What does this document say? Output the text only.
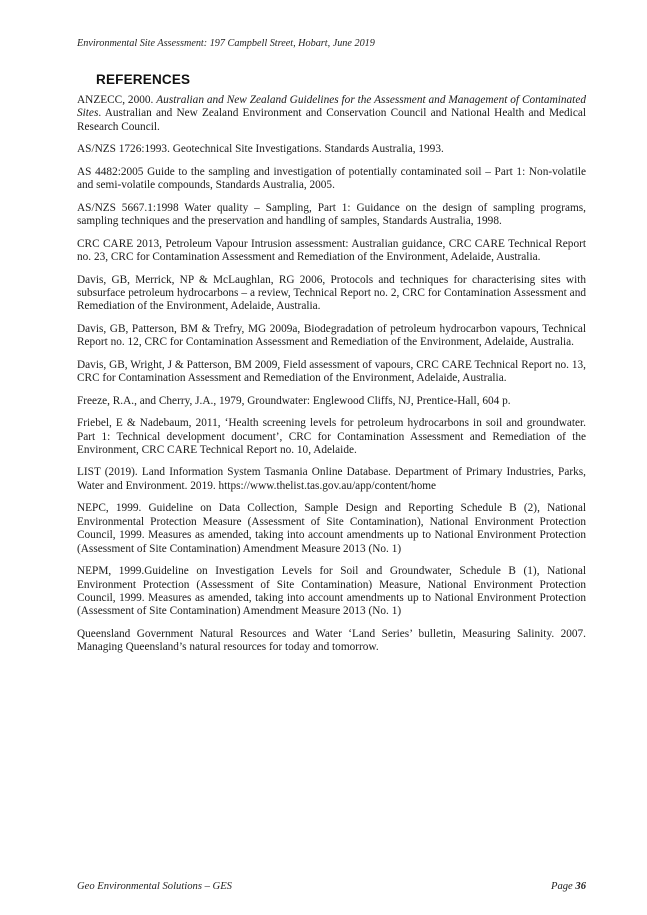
Environmental Site Assessment: 197 Campbell Street, Hobart, June 2019
REFERENCES

ANZECC, 2000. Australian and New Zealand Guidelines for the Assessment and Management of Contaminated Sites. Australian and New Zealand Environment and Conservation Council and National Health and Medical Research Council.

AS/NZS 1726:1993. Geotechnical Site Investigations. Standards Australia, 1993.

AS 4482:2005 Guide to the sampling and investigation of potentially contaminated soil – Part 1: Non-volatile and semi-volatile compounds, Standards Australia, 2005.

AS/NZS 5667.1:1998 Water quality – Sampling, Part 1: Guidance on the design of sampling programs, sampling techniques and the preservation and handling of samples, Standards Australia, 1998.

CRC CARE 2013, Petroleum Vapour Intrusion assessment: Australian guidance, CRC CARE Technical Report no. 23, CRC for Contamination Assessment and Remediation of the Environment, Adelaide, Australia.

Davis, GB, Merrick, NP & McLaughlan, RG 2006, Protocols and techniques for characterising sites with subsurface petroleum hydrocarbons – a review, Technical Report no. 2, CRC for Contamination Assessment and Remediation of the Environment, Adelaide, Australia.

Davis, GB, Patterson, BM & Trefry, MG 2009a, Biodegradation of petroleum hydrocarbon vapours, Technical Report no. 12, CRC for Contamination Assessment and Remediation of the Environment, Adelaide, Australia.

Davis, GB, Wright, J & Patterson, BM 2009, Field assessment of vapours, CRC CARE Technical Report no. 13, CRC for Contamination Assessment and Remediation of the Environment, Adelaide, Australia.

Freeze, R.A., and Cherry, J.A., 1979, Groundwater: Englewood Cliffs, NJ, Prentice-Hall, 604 p.

Friebel, E & Nadebaum, 2011, ‘Health screening levels for petroleum hydrocarbons in soil and groundwater. Part 1: Technical development document’, CRC for Contamination Assessment and Remediation of the Environment, CRC CARE Technical Report no. 10, Adelaide.

LIST (2019). Land Information System Tasmania Online Database. Department of Primary Industries, Parks, Water and Environment. 2019. https://www.thelist.tas.gov.au/app/content/home

NEPC, 1999. Guideline on Data Collection, Sample Design and Reporting Schedule B (2), National Environmental Protection Measure (Assessment of Site Contamination), National Environment Protection Council, 1999. Measures as amended, taking into account amendments up to National Environment Protection (Assessment of Site Contamination) Amendment Measure 2013 (No. 1)

NEPM, 1999.Guideline on Investigation Levels for Soil and Groundwater, Schedule B (1), National Environment Protection (Assessment of Site Contamination) Measure, National Environment Protection Council, 1999. Measures as amended, taking into account amendments up to National Environment Protection (Assessment of Site Contamination) Amendment Measure 2013 (No. 1)

Queensland Government Natural Resources and Water ‘Land Series’ bulletin, Measuring Salinity. 2007. Managing Queensland’s natural resources for today and tomorrow.

Geo Environmental Solutions – GES	Page 36
